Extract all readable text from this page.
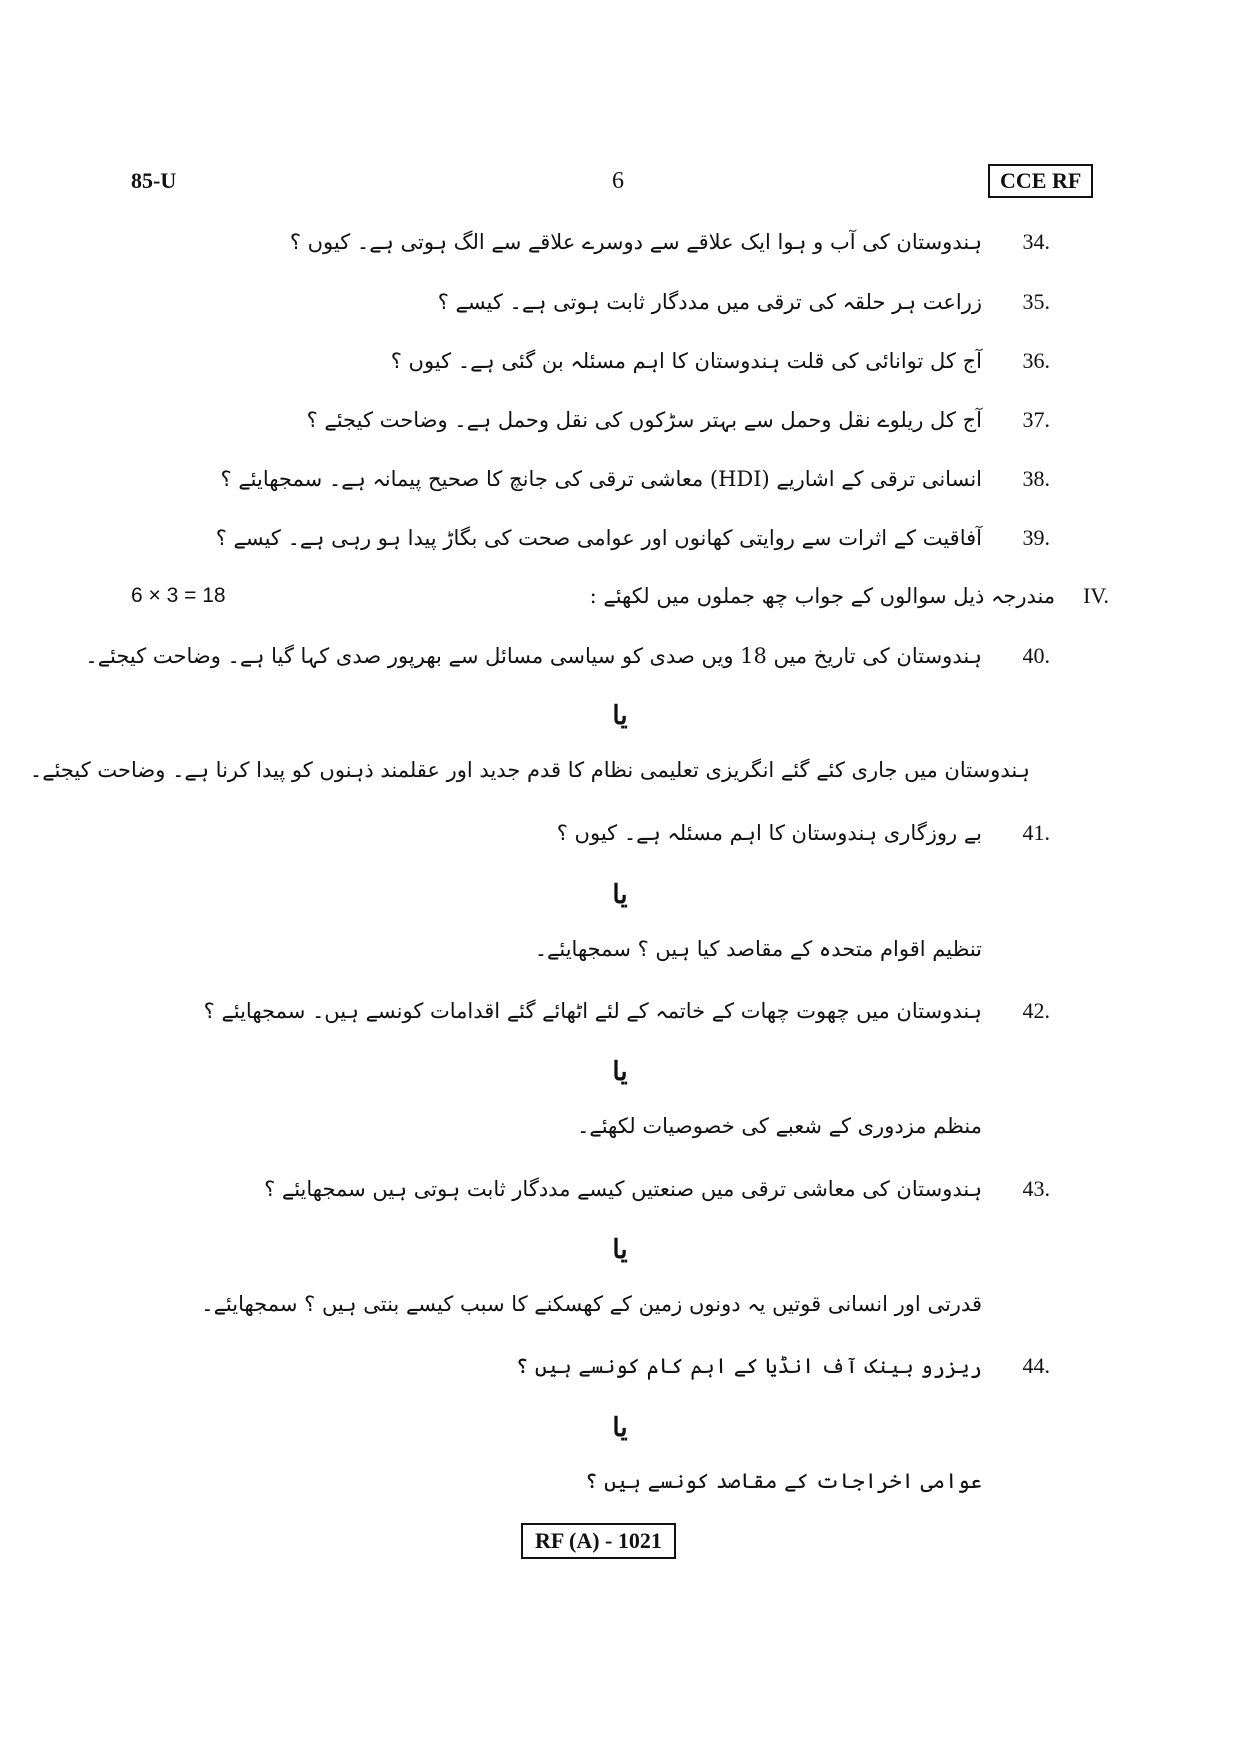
85-U	6	CCE RF
ہندوستان کی آب و ہوا ایک علاقے سے دوسرے علاقے سے الگ ہوتی ہے۔ کیوں ؟	34.
زراعت ہر حلقہ کی ترقی میں مددگار ثابت ہوتی ہے۔ کیسے ؟	35.
آج کل توانائی کی قلت ہندوستان کا اہم مسئلہ بن گئی ہے۔ کیوں ؟	36.
آج کل ریلوے نقل وحمل سے بہتر سڑکوں کی نقل وحمل ہے۔ وضاحت کیجئے ؟	37.
انسانی ترقی کے اشاریے (HDI) معاشی ترقی کی جانچ کا صحیح پیمانہ ہے۔ سمجھایئے ؟	38.
آفاقیت کے اثرات سے روایتی کھانوں اور عوامی صحت کی بگاڑ پیدا ہو رہی ہے۔ کیسے ؟	39.
مندرجہ ذیل سوالوں کے جواب چھ جملوں میں لکھئے : IV.
6 × 3 = 18
ہندوستان کی تاریخ میں 18 ویں صدی کو سیاسی مسائل سے بھرپور صدی کہا گیا ہے۔ وضاحت کیجئے۔	40.
یا
ہندوستان میں جاری کئے گئے انگریزی تعلیمی نظام کا قدم جدید اور عقلمند ذہنوں کو پیدا کرنا ہے۔ وضاحت کیجئے۔
بے روزگاری ہندوستان کا اہم مسئلہ ہے۔ کیوں ؟	41.
یا
تنظیم اقوام متحدہ کے مقاصد کیا ہیں ؟ سمجھایئے۔
ہندوستان میں چھوت چھات کے خاتمہ کے لئے اٹھائے گئے اقدامات کونسے ہیں۔ سمجھایئے ؟	42.
یا
منظم مزدوری کے شعبے کی خصوصیات لکھئے۔
ہندوستان کی معاشی ترقی میں صنعتیں کیسے مددگار ثابت ہوتی ہیں سمجھایئے ؟	43.
یا
قدرتی اور انسانی قوتیں یہ دونوں زمین کے کھسکنے کا سبب کیسے بنتی ہیں ؟ سمجھایئے۔
ریزرو بینک آف انڈیا کے اہم کام کونسے ہیں ؟	44.
یا
عوامی اخراجات کے مقاصد کونسے ہیں ؟
RF (A) - 1021
